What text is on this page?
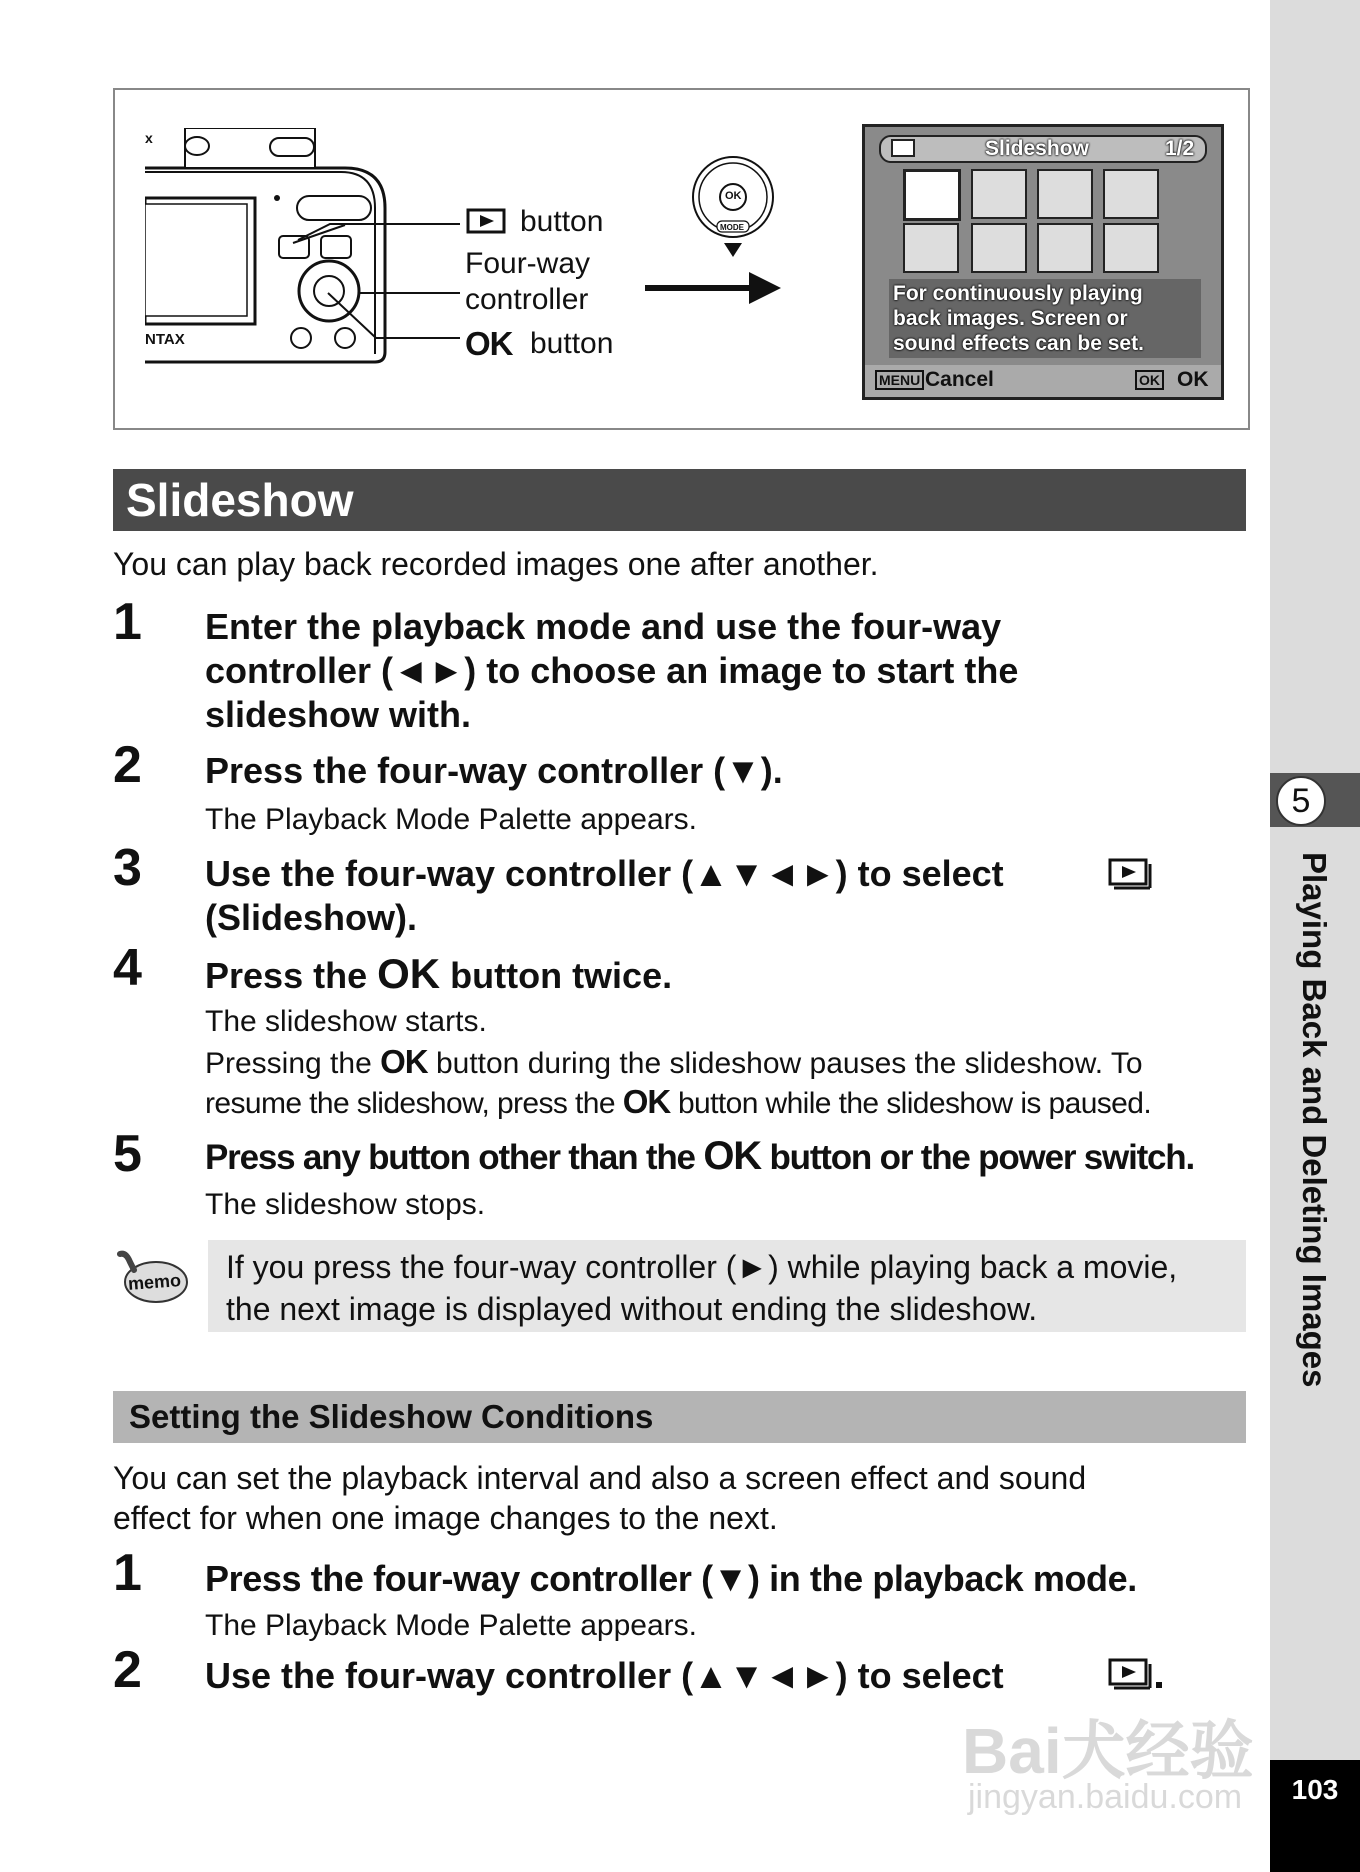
5
Playing Back and Deleting Images
103
x
NTAX
button
Four-way
controller
OK button
OK
MODE
Slideshow	1/2
For continuously playing
back images. Screen or
sound effects can be set.
MENU Cancel	OK OK
Slideshow
You can play back recorded images one after another.
1 Enter the playback mode and use the four-way
controller (◄►) to choose an image to start the
slideshow with.
2 Press the four-way controller (▼).
The Playback Mode Palette appears.
3 Use the four-way controller (▲▼◄►) to select
(Slideshow).
4 Press the OK button twice.
The slideshow starts.
Pressing the OK button during the slideshow pauses the slideshow. To
resume the slideshow, press the OK button while the slideshow is paused.
5 Press any button other than the OK button or the power switch.
The slideshow stops.
memo If you press the four-way controller (►) while playing back a movie,
the next image is displayed without ending the slideshow.
Setting the Slideshow Conditions
You can set the playback interval and also a screen effect and sound
effect for when one image changes to the next.
1 Press the four-way controller (▼) in the playback mode.
The Playback Mode Palette appears.
2 Use the four-way controller (▲▼◄►) to select
Bai犬经验
jingyan.baidu.com
